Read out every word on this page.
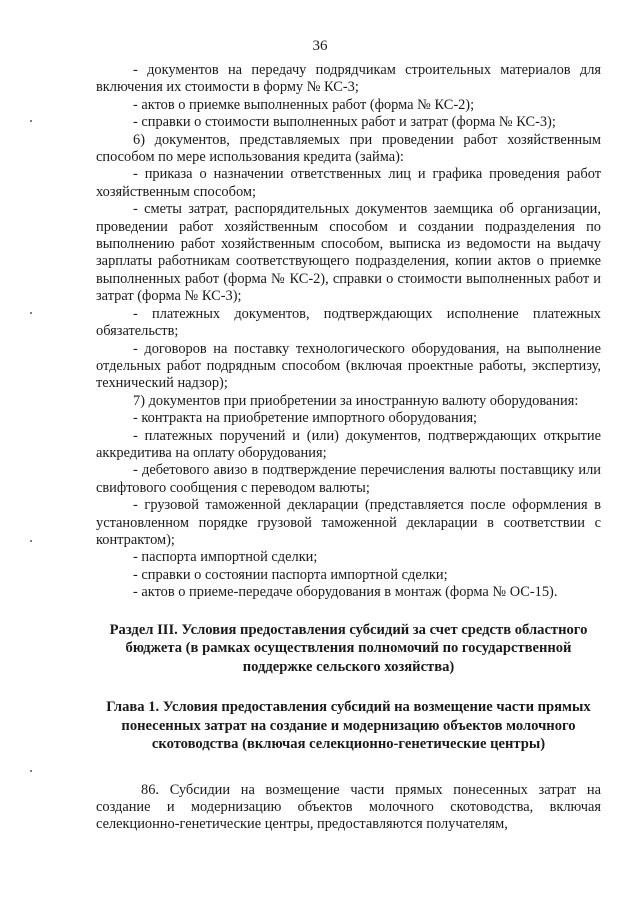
36

- документов на передачу подрядчикам строительных материалов для включения их стоимости в форму № КС-3;

- актов о приемке выполненных работ (форма № КС-2);

- справки о стоимости выполненных работ и затрат (форма № КС-3);

6) документов, представляемых при проведении работ хозяйственным способом по мере использования кредита (займа):

- приказа о назначении ответственных лиц и графика проведения работ хозяйственным способом;

- сметы затрат, распорядительных документов заемщика об организации, проведении работ хозяйственным способом и создании подразделения по выполнению работ хозяйственным способом, выписка из ведомости на выдачу зарплаты работникам соответствующего подразделения, копии актов о приемке выполненных работ (форма № КС-2), справки о стоимости выполненных работ и затрат (форма № КС-3);

- платежных документов, подтверждающих исполнение платежных обязательств;

- договоров на поставку технологического оборудования, на выполнение отдельных работ подрядным способом (включая проектные работы, экспертизу, технический надзор);

7) документов при приобретении за иностранную валюту оборудования:

- контракта на приобретение импортного оборудования;

- платежных поручений и (или) документов, подтверждающих открытие аккредитива на оплату оборудования;

- дебетового авизо в подтверждение перечисления валюты поставщику или свифтового сообщения с переводом валюты;

- грузовой таможенной декларации (представляется после оформления в установленном порядке грузовой таможенной декларации в соответствии с контрактом);

- паспорта импортной сделки;

- справки о состоянии паспорта импортной сделки;

- актов о приеме-передаче оборудования в монтаж (форма № ОС-15).

Раздел III. Условия предоставления субсидий за счет средств областного бюджета (в рамках осуществления полномочий по государственной поддержке сельского хозяйства)

Глава 1. Условия предоставления субсидий на возмещение части прямых понесенных затрат на создание и модернизацию объектов молочного скотоводства (включая селекционно-генетические центры)

86. Субсидии на возмещение части прямых понесенных затрат на создание и модернизацию объектов молочного скотоводства, включая селекционно-генетические центры, предоставляются получателям,
